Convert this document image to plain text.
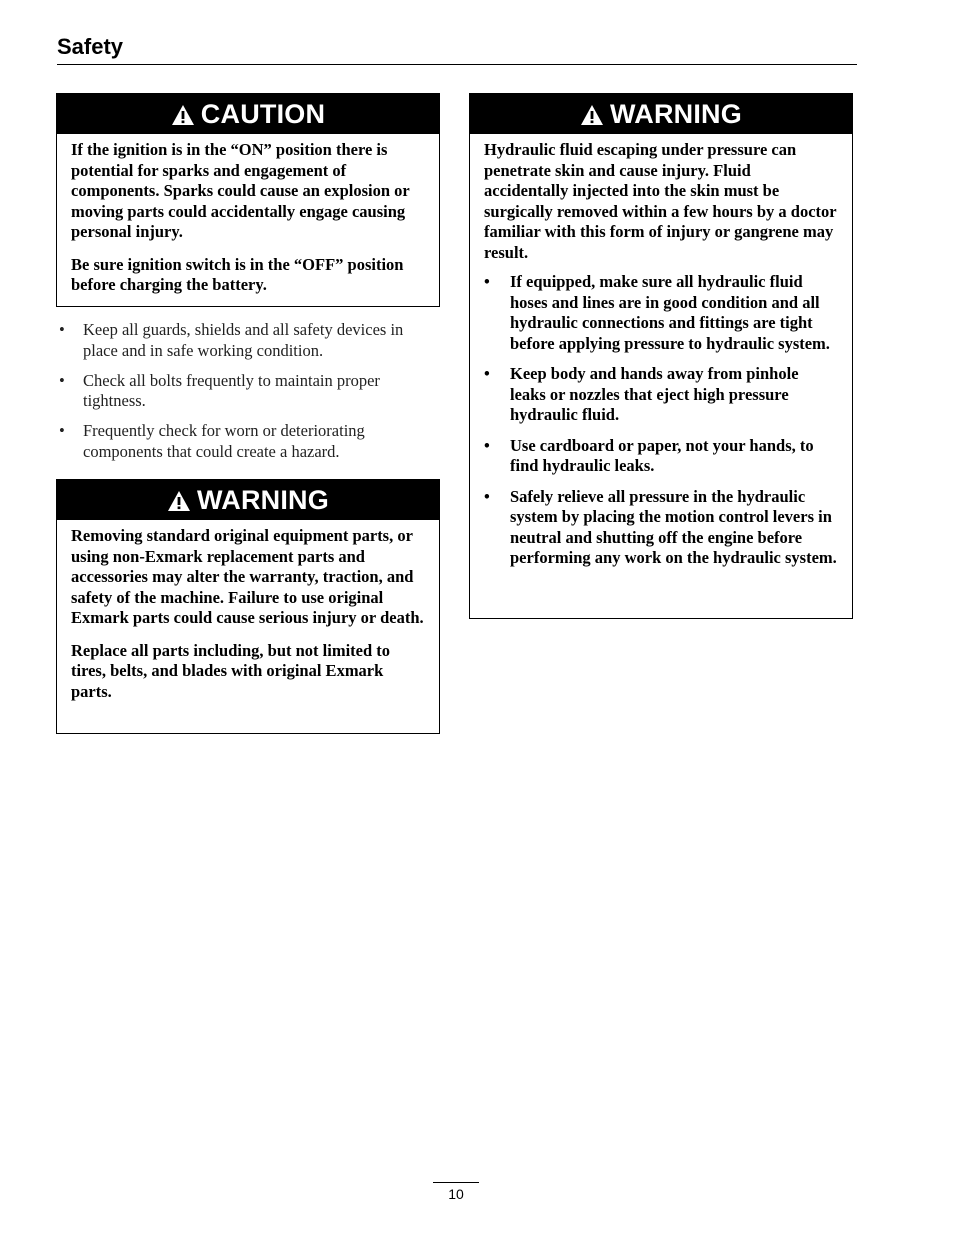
Safety
CAUTION

If the ignition is in the “ON” position there is potential for sparks and engagement of components. Sparks could cause an explosion or moving parts could accidentally engage causing personal injury.

Be sure ignition switch is in the “OFF” position before charging the battery.

• Keep all guards, shields and all safety devices in place and in safe working condition.
• Check all bolts frequently to maintain proper tightness.
• Frequently check for worn or deteriorating components that could create a hazard.
WARNING

Removing standard original equipment parts, or using non-Exmark replacement parts and accessories may alter the warranty, traction, and safety of the machine. Failure to use original Exmark parts could cause serious injury or death.

Replace all parts including, but not limited to tires, belts, and blades with original Exmark parts.

WARNING

Hydraulic fluid escaping under pressure can penetrate skin and cause injury. Fluid accidentally injected into the skin must be surgically removed within a few hours by a doctor familiar with this form of injury or gangrene may result.

• If equipped, make sure all hydraulic fluid hoses and lines are in good condition and all hydraulic connections and fittings are tight before applying pressure to hydraulic system.
• Keep body and hands away from pinhole leaks or nozzles that eject high pressure hydraulic fluid.
• Use cardboard or paper, not your hands, to find hydraulic leaks.
• Safely relieve all pressure in the hydraulic system by placing the motion control levers in neutral and shutting off the engine before performing any work on the hydraulic system.
10
